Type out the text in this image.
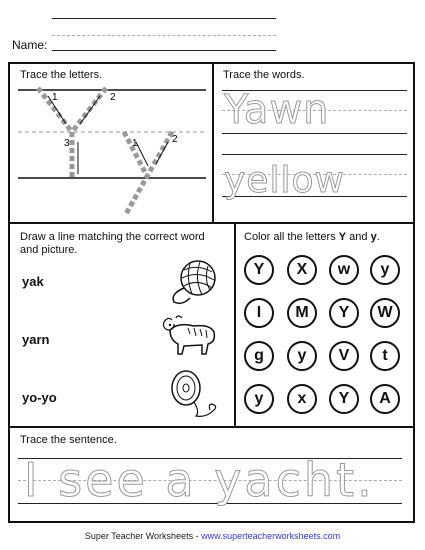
Name:
Trace the letters.
1	2
3	1	2
Trace the words.
Yawn
yellow
Draw a line matching the correct word and picture.
yak
yarn
yo-yo
Color all the letters Y and y.
Y	X	w	y
I	M	Y	W
g	y	V	t
y	x	Y	A
Trace the sentence.
I see a yacht.
Super Teacher Worksheets - www.superteacherworksheets.com
